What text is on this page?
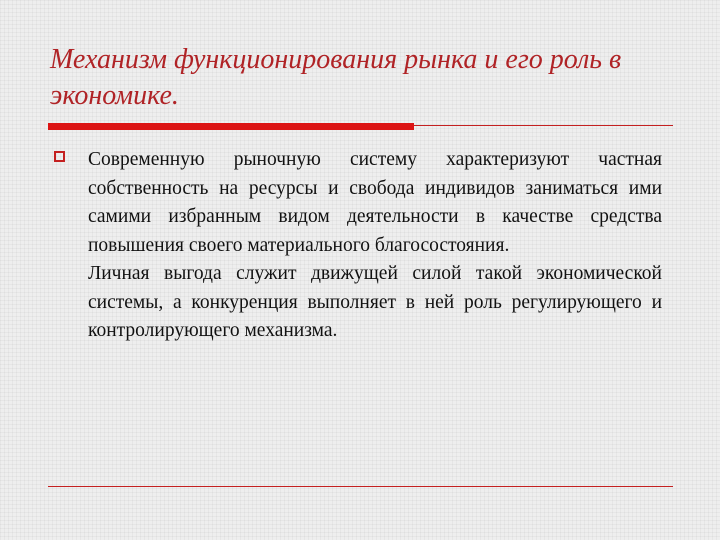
Механизм функционирования рынка и его роль в экономике.
Современную рыночную систему характеризуют частная собственность на ресурсы и свобода индивидов заниматься ими самими избранным видом деятельности в качестве средства повышения своего материального благосостояния.
Личная выгода служит движущей силой такой экономической системы, а конкуренция выполняет в ней роль регулирующего и контролирующего механизма.
